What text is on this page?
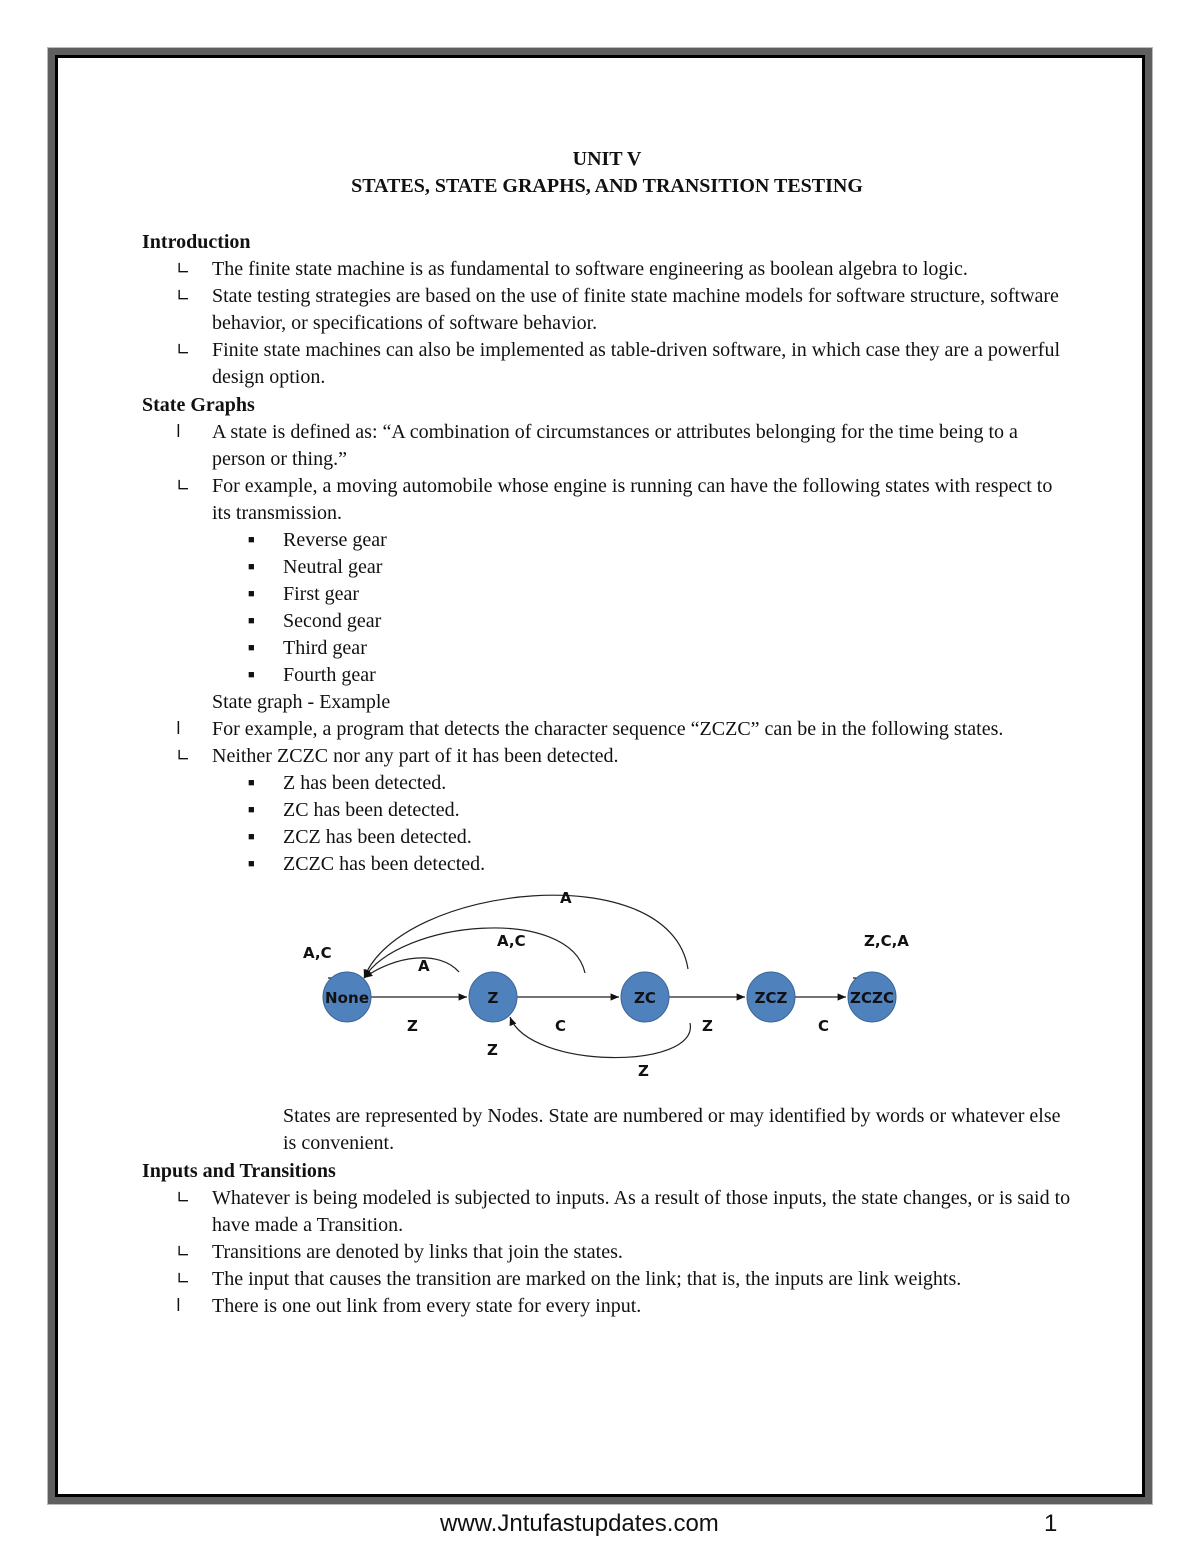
UNIT V
STATES, STATE GRAPHS, AND TRANSITION TESTING
Introduction
∟ The finite state machine is as fundamental to software engineering as boolean algebra to logic.
∟ State testing strategies are based on the use of finite state machine models for software structure, software behavior, or specifications of software behavior.
∟ Finite state machines can also be implemented as table-driven software, in which case they are a powerful design option.
State Graphs
l A state is defined as: “A combination of circumstances or attributes belonging for the time being to a person or thing.”
∟ For example, a moving automobile whose engine is running can have the following states with respect to its transmission.
■ Reverse gear
■ Neutral gear
■ First gear
■ Second gear
■ Third gear
■ Fourth gear
State graph - Example
l For example, a program that detects the character sequence “ZCZC” can be in the following states.
∟ Neither ZCZC nor any part of it has been detected.
■ Z has been detected.
■ ZC has been detected.
■ ZCZ has been detected.
■ ZCZC has been detected.
None	Z	ZC	ZCZ	ZCZC
A,C
A
A,C
A
Z,C,A
Z	C	Z	C
Z
Z
States are represented by Nodes. State are numbered or may identified by words or whatever else is convenient.
Inputs and Transitions
∟ Whatever is being modeled is subjected to inputs. As a result of those inputs, the state changes, or is said to have made a Transition.
∟ Transitions are denoted by links that join the states.
∟ The input that causes the transition are marked on the link; that is, the inputs are link weights.
l There is one out link from every state for every input.
www.Jntufastupdates.com	1
